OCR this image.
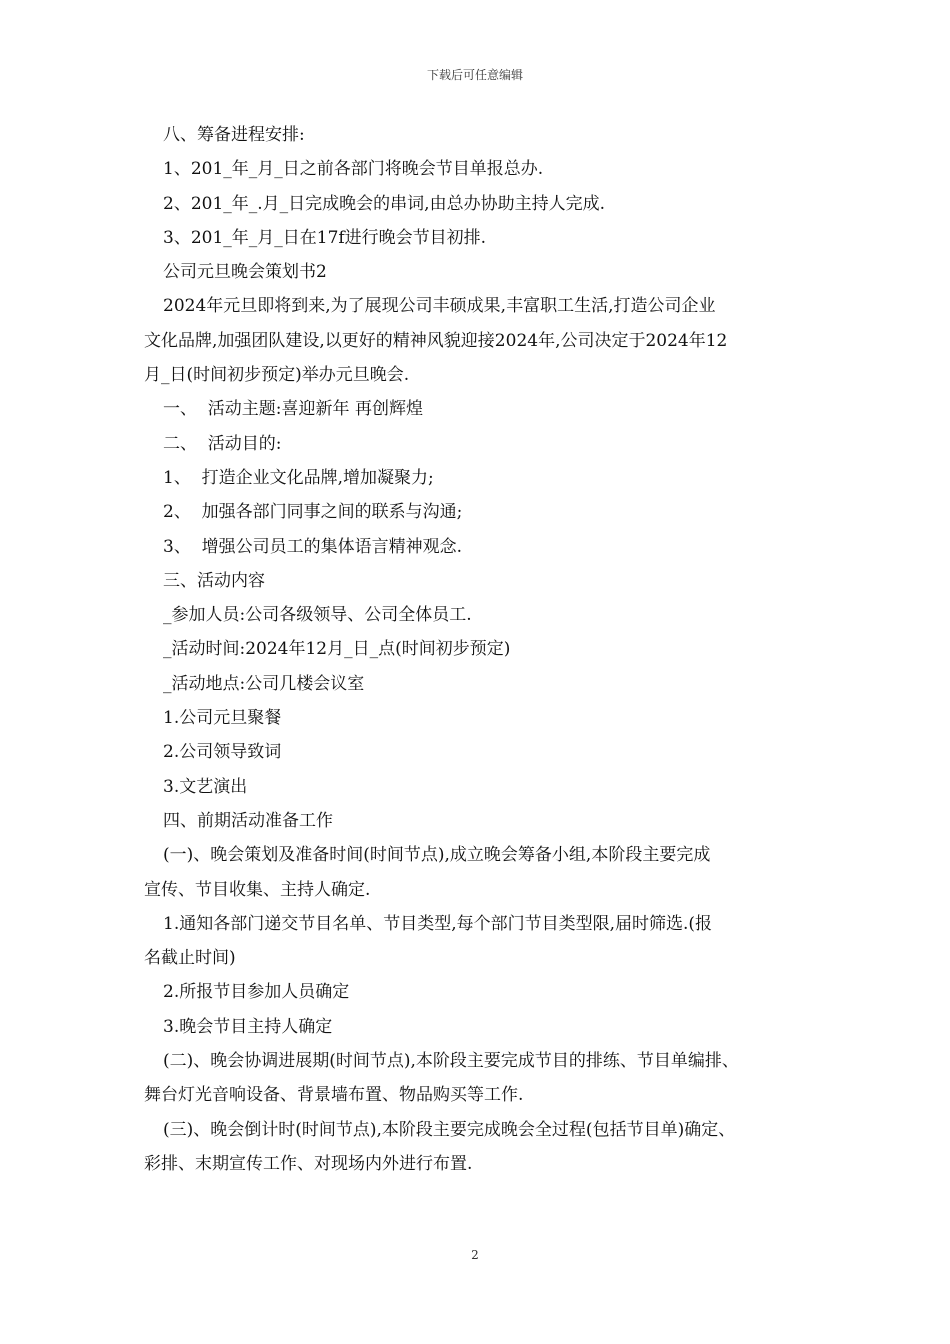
下载后可任意编辑

八、筹备进程安排:

1、201_年_月_日之前各部门将晚会节目单报总办.

2、201_年_.月_日完成晚会的串词,由总办协助主持人完成.

3、201_年_月_日在17f进行晚会节目初排.

公司元旦晚会策划书2

2024年元旦即将到来,为了展现公司丰硕成果,丰富职工生活,打造公司企业

文化品牌,加强团队建设,以更好的精神风貌迎接2024年,公司决定于2024年12

月_日(时间初步预定)举办元旦晚会.

一、  活动主题:喜迎新年 再创辉煌

二、  活动目的:

1、  打造企业文化品牌,增加凝聚力;

2、  加强各部门同事之间的联系与沟通;

3、  增强公司员工的集体语言精神观念.

三、活动内容

_参加人员:公司各级领导、公司全体员工.

_活动时间:2024年12月_日_点(时间初步预定)

_活动地点:公司几楼会议室

1.公司元旦聚餐

2.公司领导致词

3.文艺演出

四、前期活动准备工作

(一)、晚会策划及准备时间(时间节点),成立晚会筹备小组,本阶段主要完成

宣传、节目收集、主持人确定.

1.通知各部门递交节目名单、节目类型,每个部门节目类型限,届时筛选.(报

名截止时间)

2.所报节目参加人员确定

3.晚会节目主持人确定

(二)、晚会协调进展期(时间节点),本阶段主要完成节目的排练、节目单编排、

舞台灯光音响设备、背景墙布置、物品购买等工作.

(三)、晚会倒计时(时间节点),本阶段主要完成晚会全过程(包括节目单)确定、

彩排、末期宣传工作、对现场内外进行布置.

2
